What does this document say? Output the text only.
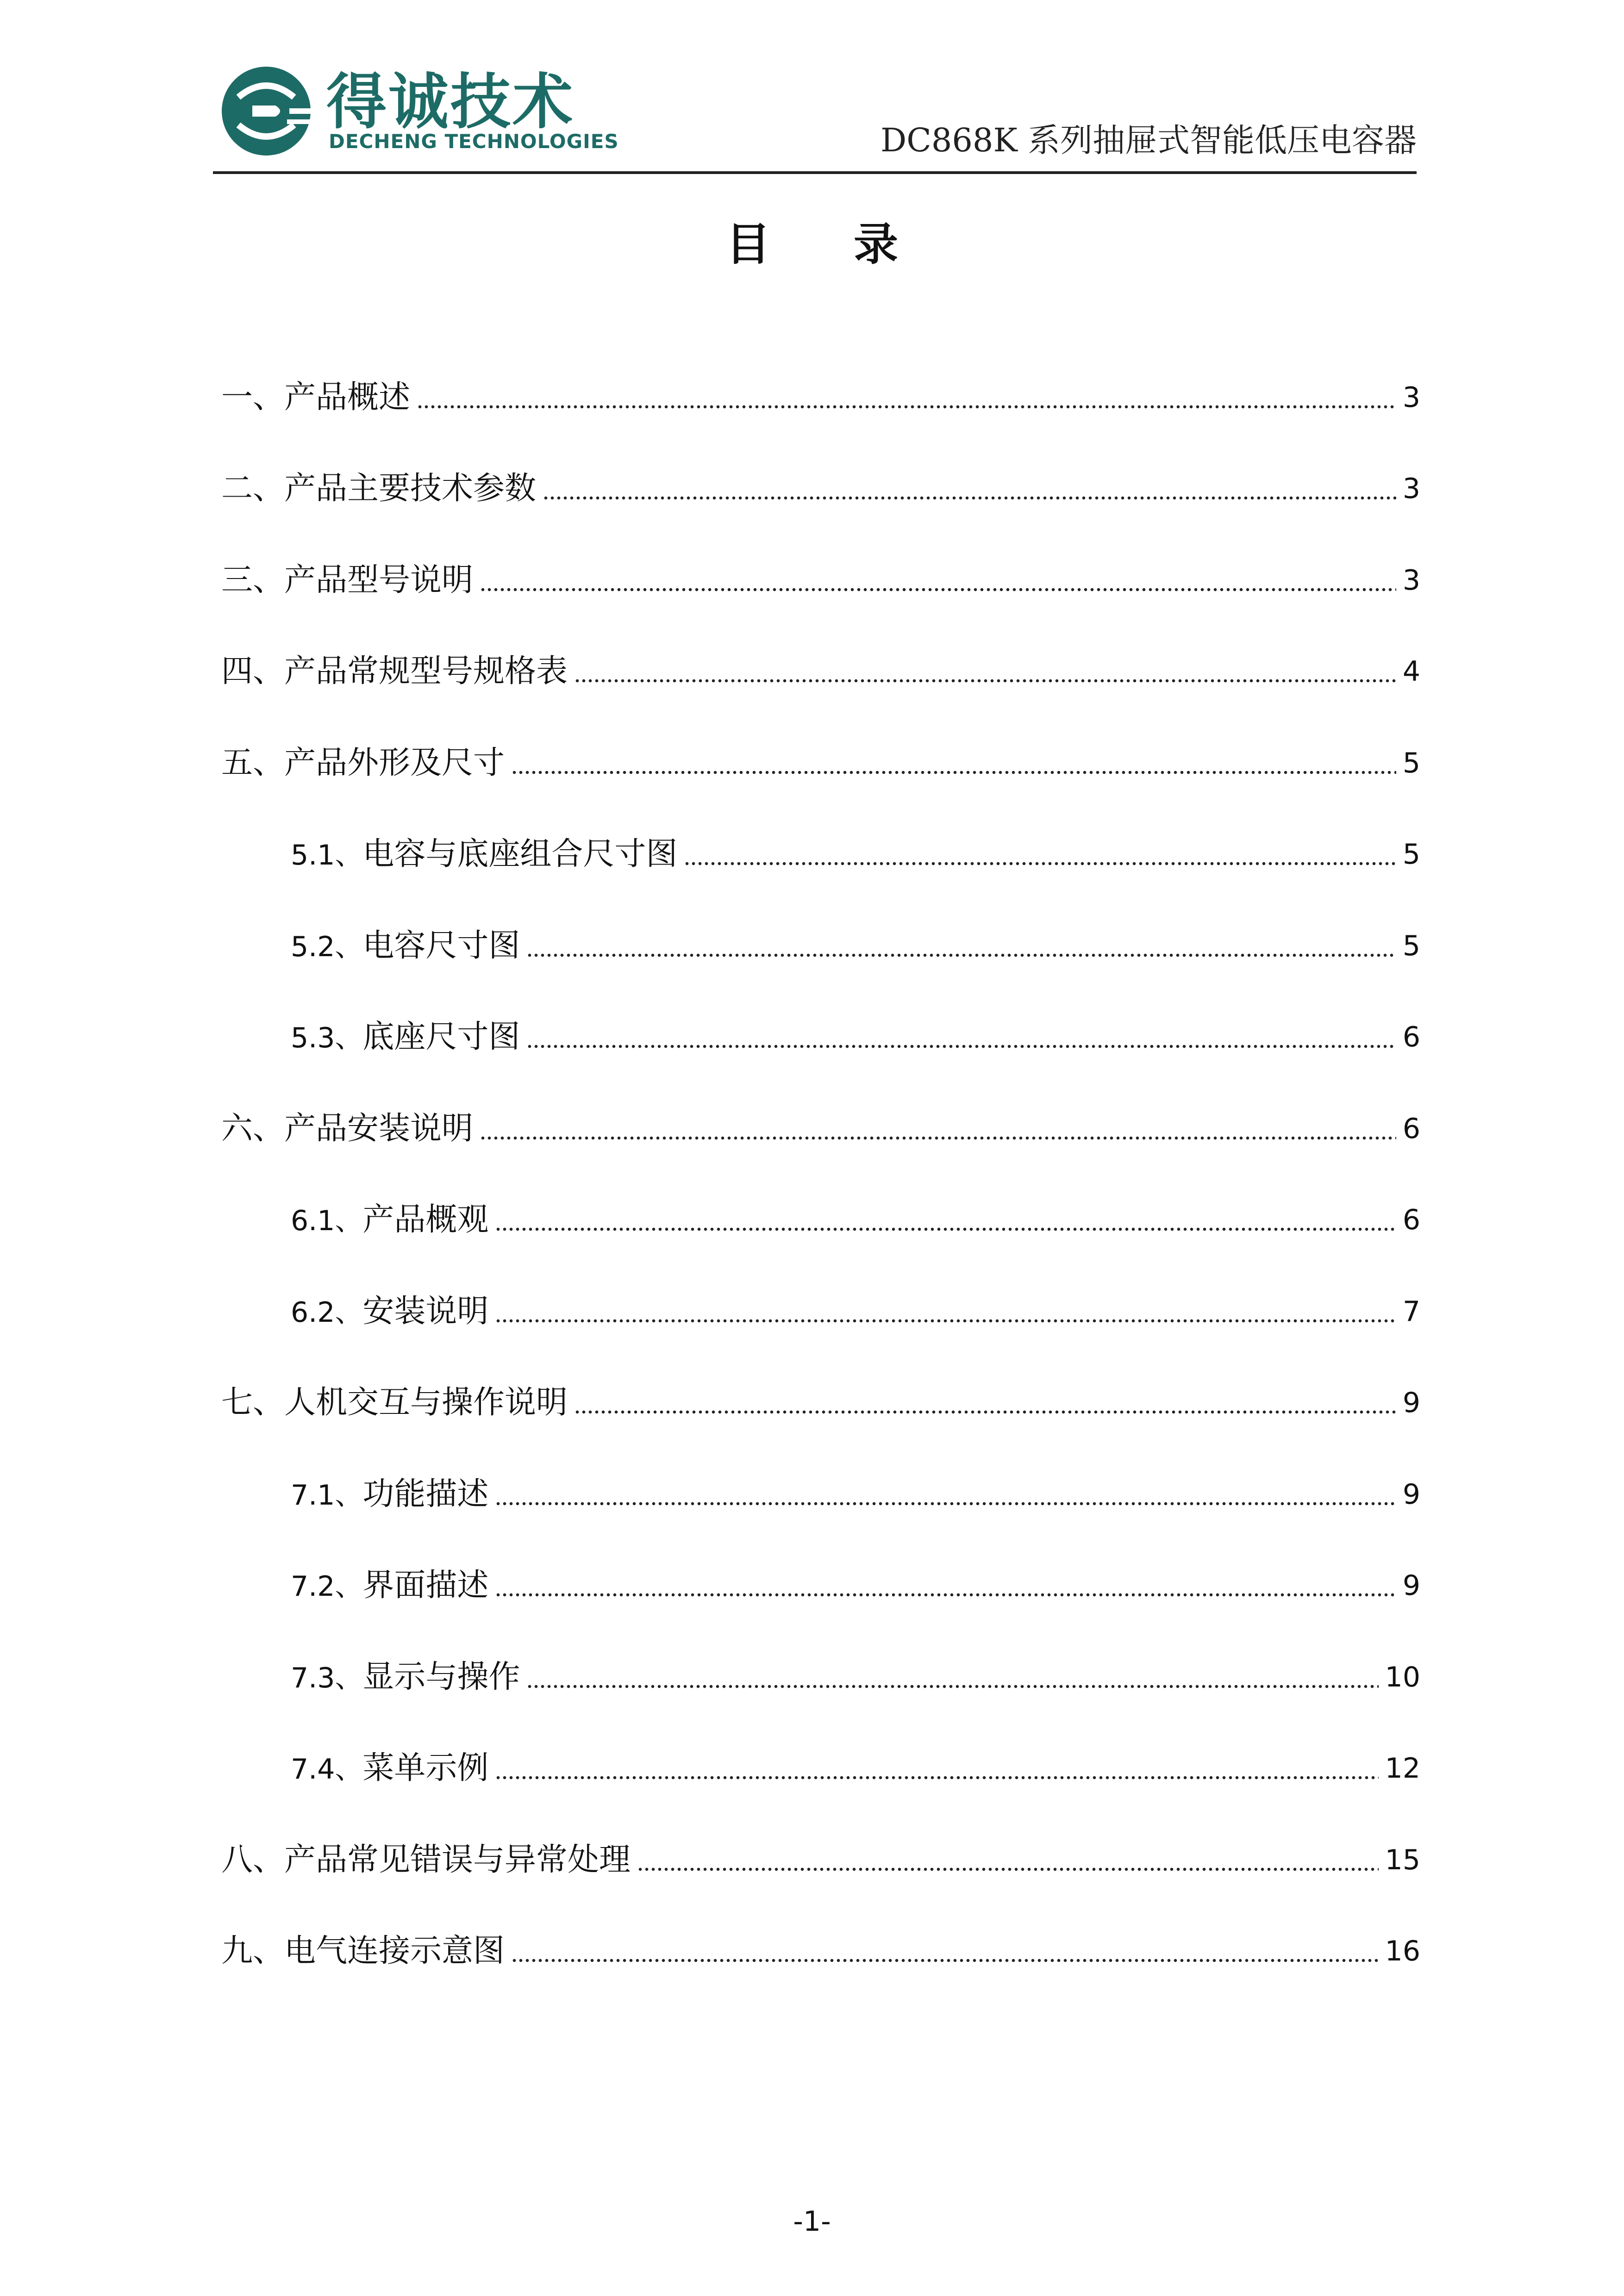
得诚技术
DECHENG TECHNOLOGIES	DC868K 系列抽屉式智能低压电容器
目录
一、产品概述	3
二、产品主要技术参数	3
三、产品型号说明	3
四、产品常规型号规格表	4
五、产品外形及尺寸	5
5.1、电容与底座组合尺寸图	5
5.2、电容尺寸图	5
5.3、底座尺寸图	6
六、产品安装说明	6
6.1、产品概观	6
6.2、安装说明	7
七、人机交互与操作说明	9
7.1、功能描述	9
7.2、界面描述	9
7.3、显示与操作	10
7.4、菜单示例	12
八、产品常见错误与异常处理	15
九、电气连接示意图	16
-1-
